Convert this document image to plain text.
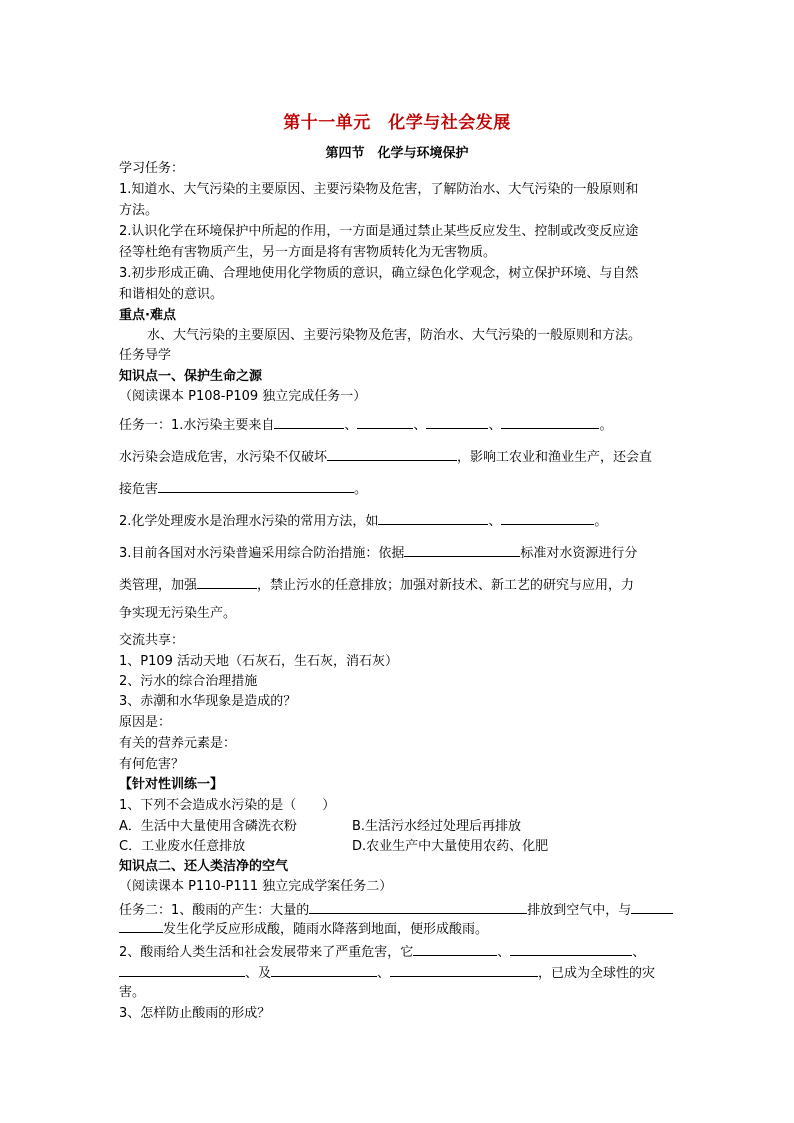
第十一单元　化学与社会发展
第四节　化学与环境保护
学习任务：
1.知道水、大气污染的主要原因、主要污染物及危害，了解防治水、大气污染的一般原则和
方法。
2.认识化学在环境保护中所起的作用，一方面是通过禁止某些反应发生、控制或改变反应途
径等杜绝有害物质产生，另一方面是将有害物质转化为无害物质。
3.初步形成正确、合理地使用化学物质的意识，确立绿色化学观念，树立保护环境、与自然
和谐相处的意识。
重点·难点
水、大气污染的主要原因、主要污染物及危害，防治水、大气污染的一般原则和方法。
任务导学
知识点一、保护生命之源
（阅读课本 P108-P109 独立完成任务一）
任务一：1.水污染主要来自	、	、	、	。
水污染会造成危害，水污染不仅破坏	，影响工农业和渔业生产，还会直
接危害	。
2.化学处理废水是治理水污染的常用方法，如	、	。
3.目前各国对水污染普遍采用综合防治措施：依据	标准对水资源进行分
类管理，加强	，禁止污水的任意排放；加强对新技术、新工艺的研究与应用，力
争实现无污染生产。
交流共享：
1、P109 活动天地（石灰石，生石灰，消石灰）
2、污水的综合治理措施
3、赤潮和水华现象是造成的？
原因是：
有关的营养元素是：
有何危害？
【针对性训练一】
1、下列不会造成水污染的是（　　）
A．生活中大量使用含磷洗衣粉	B.生活污水经过处理后再排放
C．工业废水任意排放	D.农业生产中大量使用农药、化肥
知识点二、还人类洁净的空气
（阅读课本 P110-P111 独立完成学案任务二）
任务二：1、酸雨的产生：大量的	排放到空气中，与
发生化学反应形成酸，随雨水降落到地面，便形成酸雨。
2、酸雨给人类生活和社会发展带来了严重危害，它	、	、
、及	、	，已成为全球性的灾
害。
3、怎样防止酸雨的形成？
